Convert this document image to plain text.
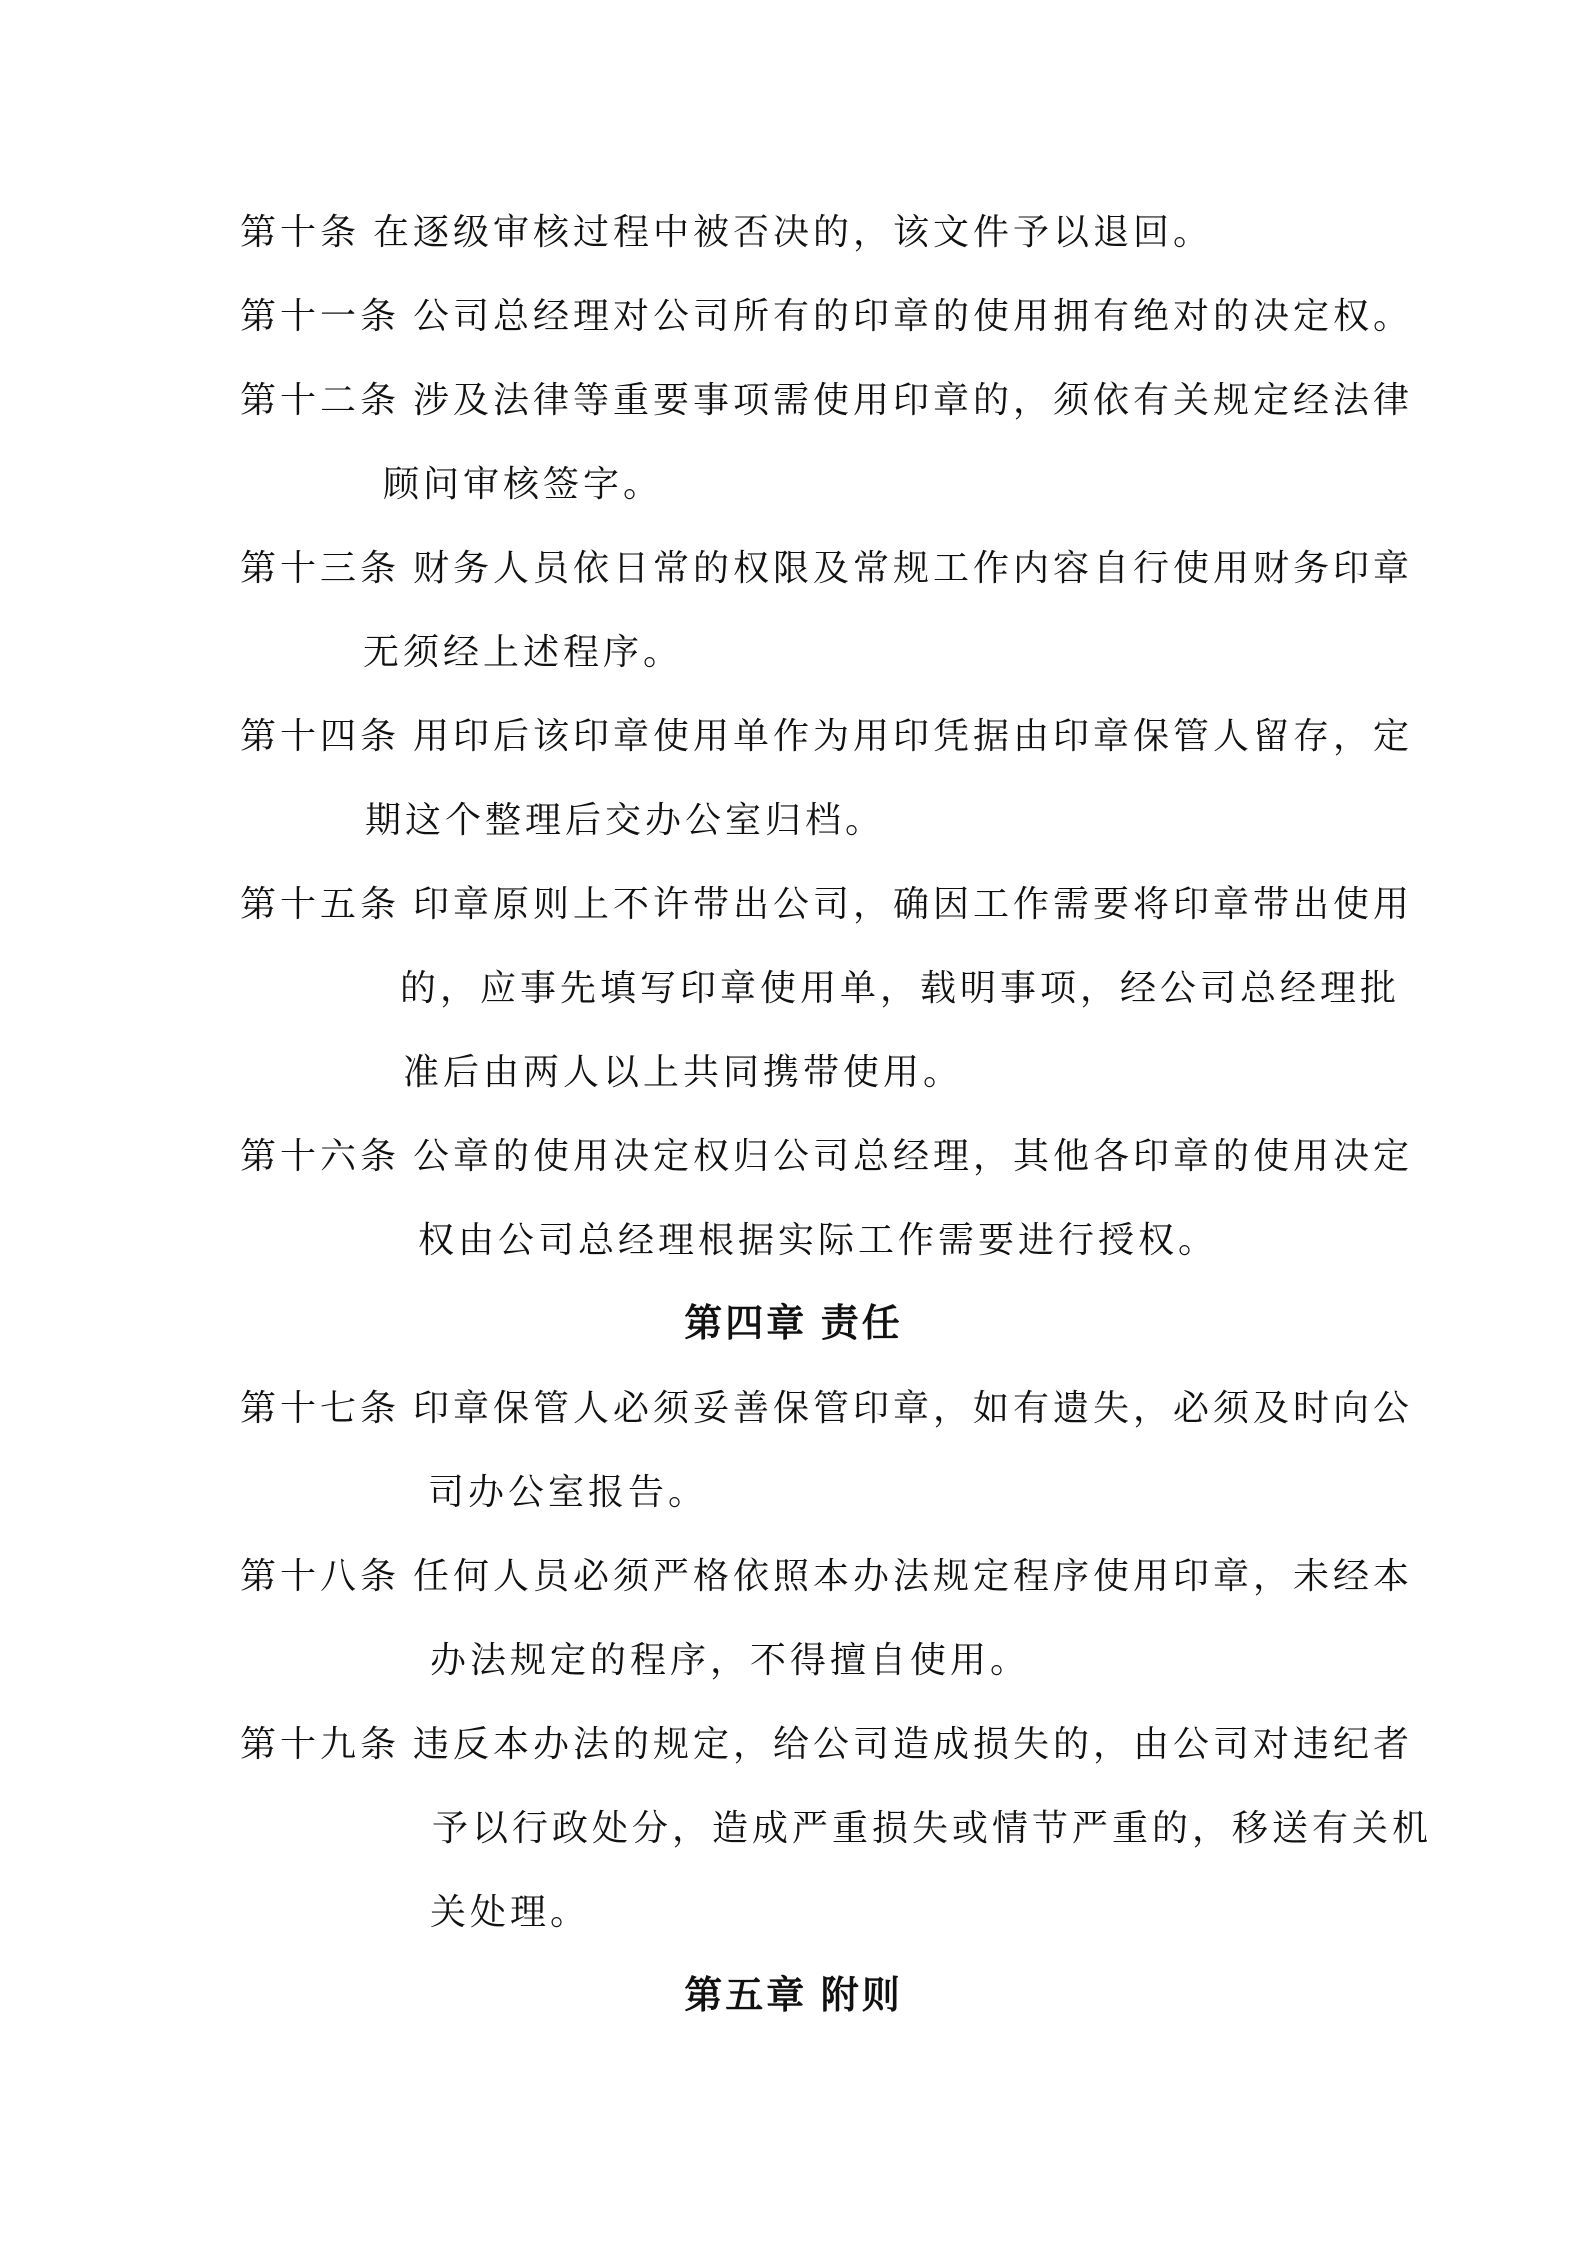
第十条 在逐级审核过程中被否决的，该文件予以退回。
第十一条 公司总经理对公司所有的印章的使用拥有绝对的决定权。
第十二条 涉及法律等重要事项需使用印章的，须依有关规定经法律
顾问审核签字。
第十三条 财务人员依日常的权限及常规工作内容自行使用财务印章
无须经上述程序。
第十四条 用印后该印章使用单作为用印凭据由印章保管人留存，定
期这个整理后交办公室归档。
第十五条 印章原则上不许带出公司，确因工作需要将印章带出使用
的，应事先填写印章使用单，载明事项，经公司总经理批
准后由两人以上共同携带使用。
第十六条 公章的使用决定权归公司总经理，其他各印章的使用决定
权由公司总经理根据实际工作需要进行授权。
第四章 责任
第十七条 印章保管人必须妥善保管印章，如有遗失，必须及时向公
司办公室报告。
第十八条 任何人员必须严格依照本办法规定程序使用印章，未经本
办法规定的程序，不得擅自使用。
第十九条 违反本办法的规定，给公司造成损失的，由公司对违纪者
予以行政处分，造成严重损失或情节严重的，移送有关机
关处理。
第五章 附则
